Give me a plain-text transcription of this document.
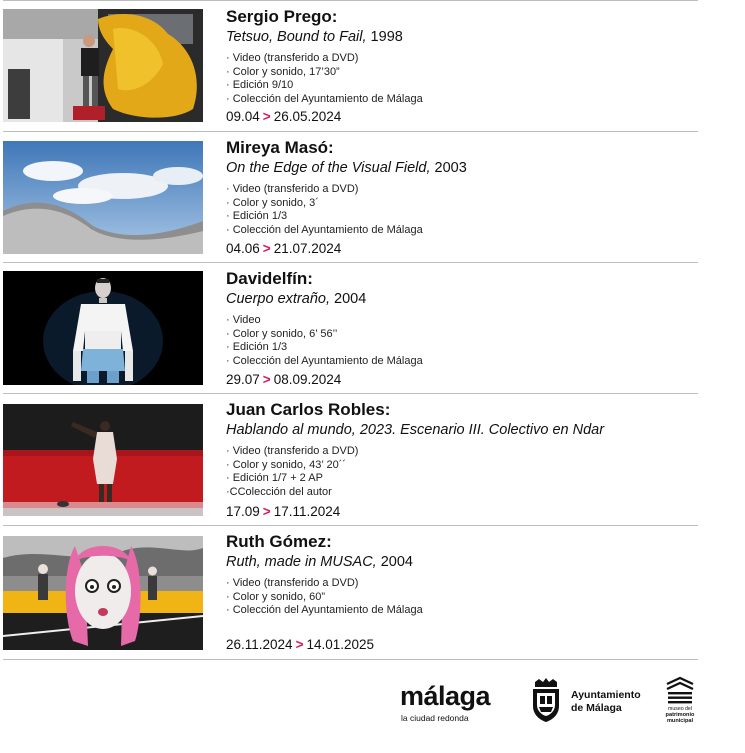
Sergio Prego:
Tetsuo, Bound to Fail, 1998
· Video (transferido a DVD)
· Color y sonido, 17’30”
· Edición 9/10
· Colección del Ayuntamiento de Málaga
09.04 > 26.05.2024
Mireya Masó:
On the Edge of the Visual Field, 2003
· Video (transferido a DVD)
· Color y sonido, 3´
· Edición 1/3
· Colección del Ayuntamiento de Málaga
04.06 > 21.07.2024
Davidelfín:
Cuerpo extraño, 2004
· Video
· Color y sonido, 6’ 56’’
· Edición 1/3
· Colección del Ayuntamiento de Málaga
29.07 > 08.09.2024
Juan Carlos Robles:
Hablando al mundo, 2023. Escenario III. Colectivo en Ndar
· Video (transferido a DVD)
· Color y sonido, 43’ 20´´
· Edición 1/7 + 2 AP
·CColección del autor
17.09 > 17.11.2024
Ruth Gómez:
Ruth, made in MUSAC, 2004
· Video (transferido a DVD)
· Color y sonido, 60”
· Colección del Ayuntamiento de Málaga
26.11.2024 > 14.01.2025
málaga
la ciudad redonda
Ayuntamiento
de Málaga	museo del
patrimonio
municipal
